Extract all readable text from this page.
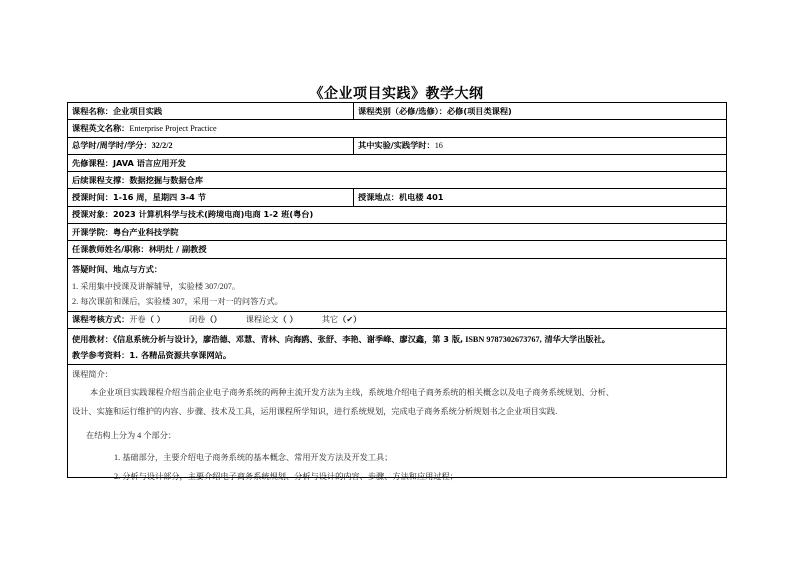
《企业项目实践》教学大纲
课程名称： 企业项目实践	课程类别（必修/选修）： 必修(项目类课程)
课程英文名称： Enterprise Project Practice
总学时/周学时/学分： 32/2/2	其中实验/实践学时： 16
先修课程： JAVA 语言应用开发
后续课程支撑： 数据挖掘与数据仓库
授课时间： 1-16 周，星期四 3-4 节	授课地点： 机电楼 401
授课对象： 2023 计算机科学与技术(跨境电商)电商 1-2 班(粤台)
开课学院： 粤台产业科技学院
任课教师姓名/职称： 林明灶 / 副教授
答疑时间、地点与方式：
1. 采用集中授课及讲解辅导，实验楼 307/207。
2. 每次课前和课后，实验楼 307，采用一对一的问答方式。
课程考核方式： 开卷（ ）	闭卷（）	课程论文（ ）	其它（✔）
使用教材：《信息系统分析与设计》，廖浩德、邓慧、青林、向海鸥、张舒、李艳、谢季峰、廖汉鑫，第 3 版, ISBN 9787302673767, 清华大学出版社。
教学参考资料：1. 各精品资源共享课网站。
课程简介：
本企业项目实践课程介绍当前企业电子商务系统的两种主流开发方法为主线，系统地介绍电子商务系统的相关概念以及电子商务系统规划、分析、
设计、实施和运行维护的内容、步骤、技术及工具，运用课程所学知识，进行系统规划，完成电子商务系统分析规划书之企业项目实践.
在结构上分为 4 个部分：
1. 基础部分，主要介绍电子商务系统的基本概念、常用开发方法及开发工具；
2. 分析与设计部分，主要介绍电子商务系统规划、分析与设计的内容、步骤、方法和应用过程；
